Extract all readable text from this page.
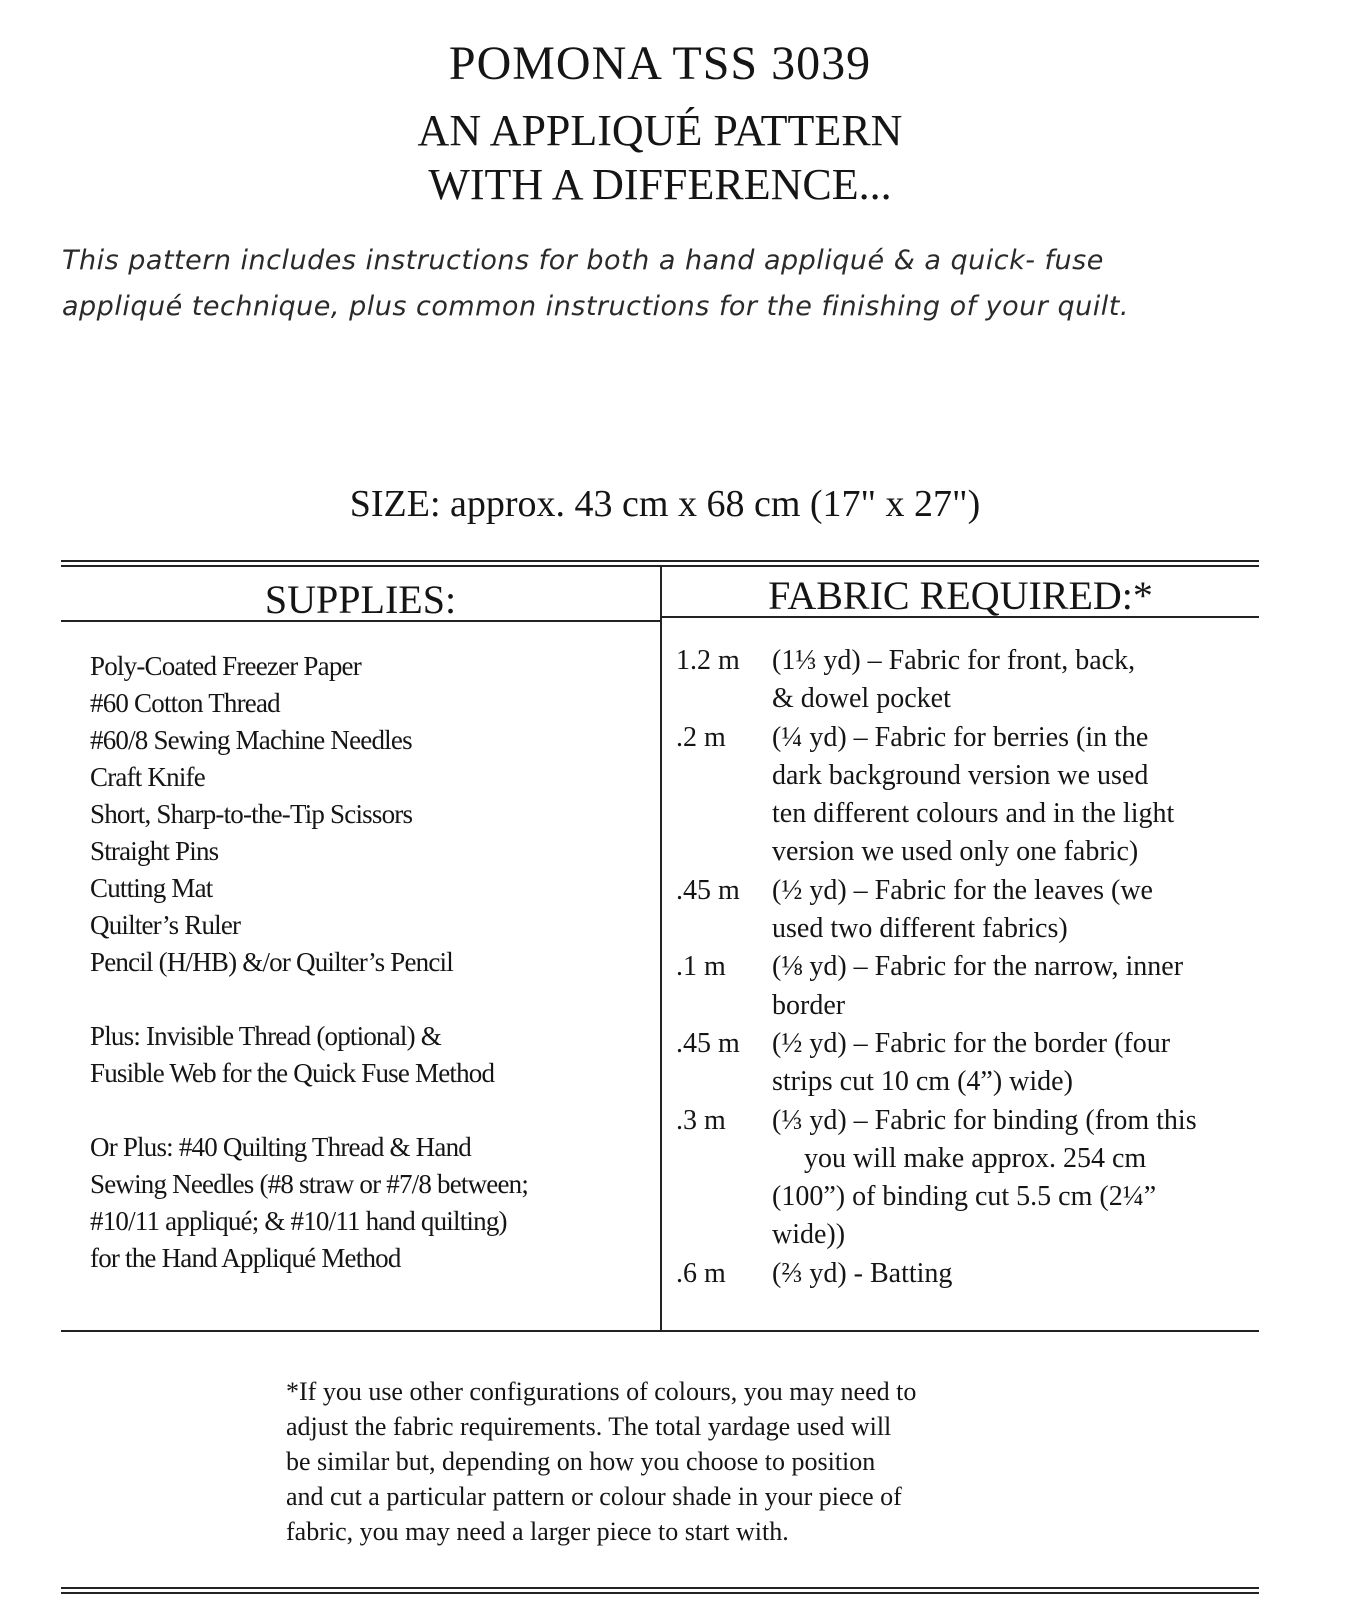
POMONA TSS 3039
AN APPLIQUÉ PATTERN
WITH A DIFFERENCE...
This pattern includes instructions for both a hand appliqué & a quick- fuse
appliqué technique, plus common instructions for the finishing of your quilt.
SIZE: approx. 43 cm x 68 cm (17" x 27")
SUPPLIES:	FABRIC REQUIRED:*
Poly-Coated Freezer Paper
#60 Cotton Thread
#60/8 Sewing Machine Needles
Craft Knife
Short, Sharp-to-the-Tip Scissors
Straight Pins
Cutting Mat
Quilter’s Ruler
Pencil (H/HB) &/or Quilter’s Pencil
Plus: Invisible Thread (optional) &
Fusible Web for the Quick Fuse Method
Or Plus: #40 Quilting Thread & Hand
Sewing Needles (#8 straw or #7/8 between;
#10/11 appliqué; & #10/11 hand quilting)
for the Hand Appliqué Method
1.2 m	(1⅓ yd) – Fabric for front, back,
& dowel pocket
.2 m	(¼ yd) – Fabric for berries (in the
dark background version we used
ten different colours and in the light
version we used only one fabric)
.45 m	(½ yd) – Fabric for the leaves (we
used two different fabrics)
.1 m	(⅛ yd) – Fabric for the narrow, inner
border
.45 m	(½ yd) – Fabric for the border (four
strips cut 10 cm (4”) wide)
.3 m	(⅓ yd) – Fabric for binding (from this
you will make approx. 254 cm
(100”) of binding cut 5.5 cm (2¼”
wide))
.6 m	(⅔ yd) - Batting
*If you use other configurations of colours, you may need to
adjust the fabric requirements. The total yardage used will
be similar but, depending on how you choose to position
and cut a particular pattern or colour shade in your piece of
fabric, you may need a larger piece to start with.
